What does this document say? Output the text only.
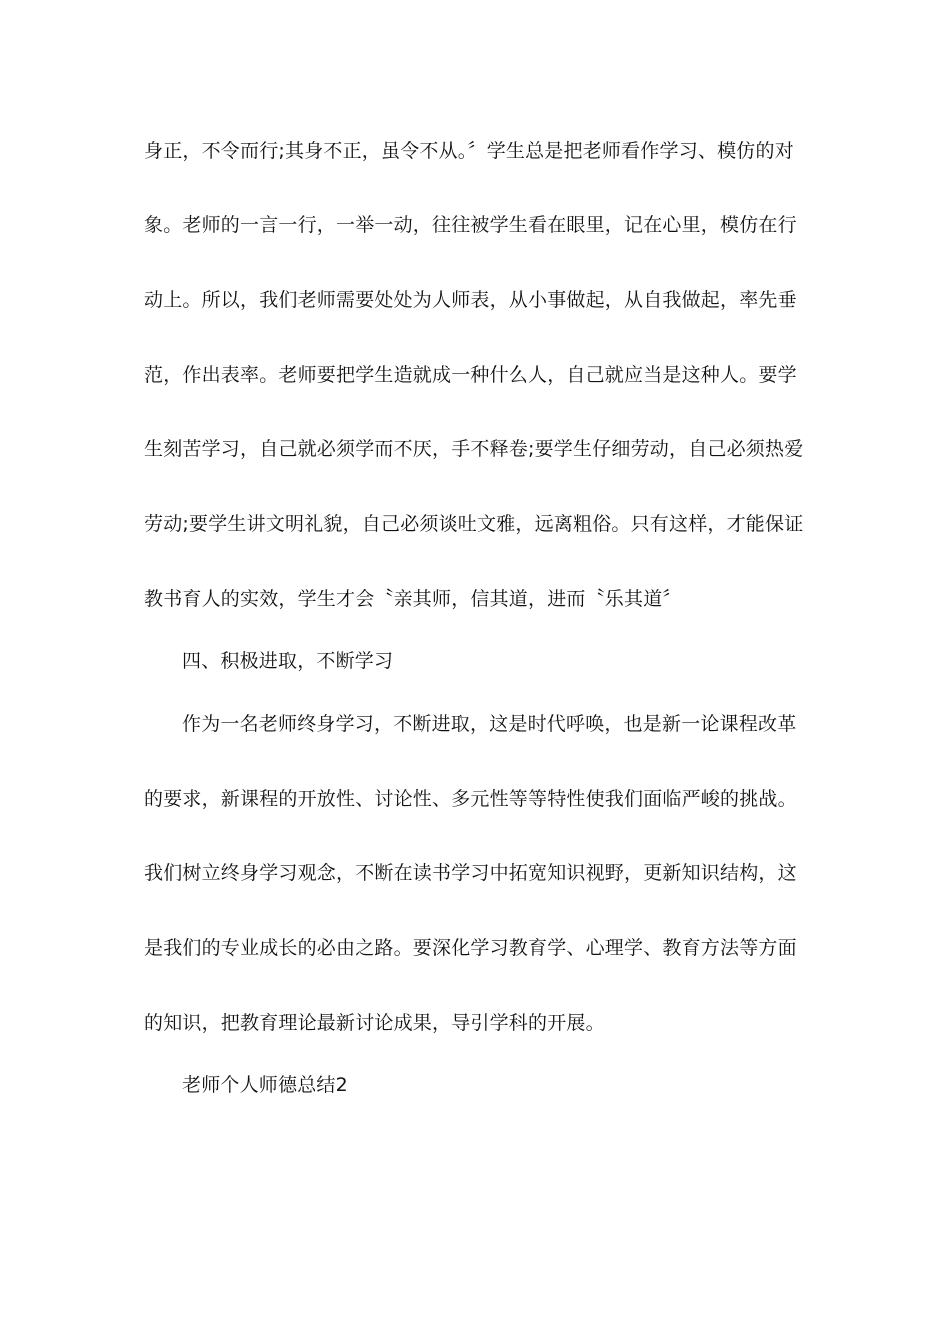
身正，不令而行;其身不正，虽令不从。〞学生总是把老师看作学习、模仿的对
象。老师的一言一行，一举一动，往往被学生看在眼里，记在心里，模仿在行
动上。所以，我们老师需要处处为人师表，从小事做起，从自我做起，率先垂
范，作出表率。老师要把学生造就成一种什么人，自己就应当是这种人。要学
生刻苦学习，自己就必须学而不厌，手不释卷;要学生仔细劳动，自己必须热爱
劳动;要学生讲文明礼貌，自己必须谈吐文雅，远离粗俗。只有这样，才能保证
教书育人的实效，学生才会〝亲其师，信其道，进而〝乐其道〞
四、积极进取，不断学习
作为一名老师终身学习，不断进取，这是时代呼唤，也是新一论课程改革
的要求，新课程的开放性、讨论性、多元性等等特性使我们面临严峻的挑战。
我们树立终身学习观念，不断在读书学习中拓宽知识视野，更新知识结构，这
是我们的专业成长的必由之路。要深化学习教育学、心理学、教育方法等方面
的知识，把教育理论最新讨论成果，导引学科的开展。
老师个人师德总结2
